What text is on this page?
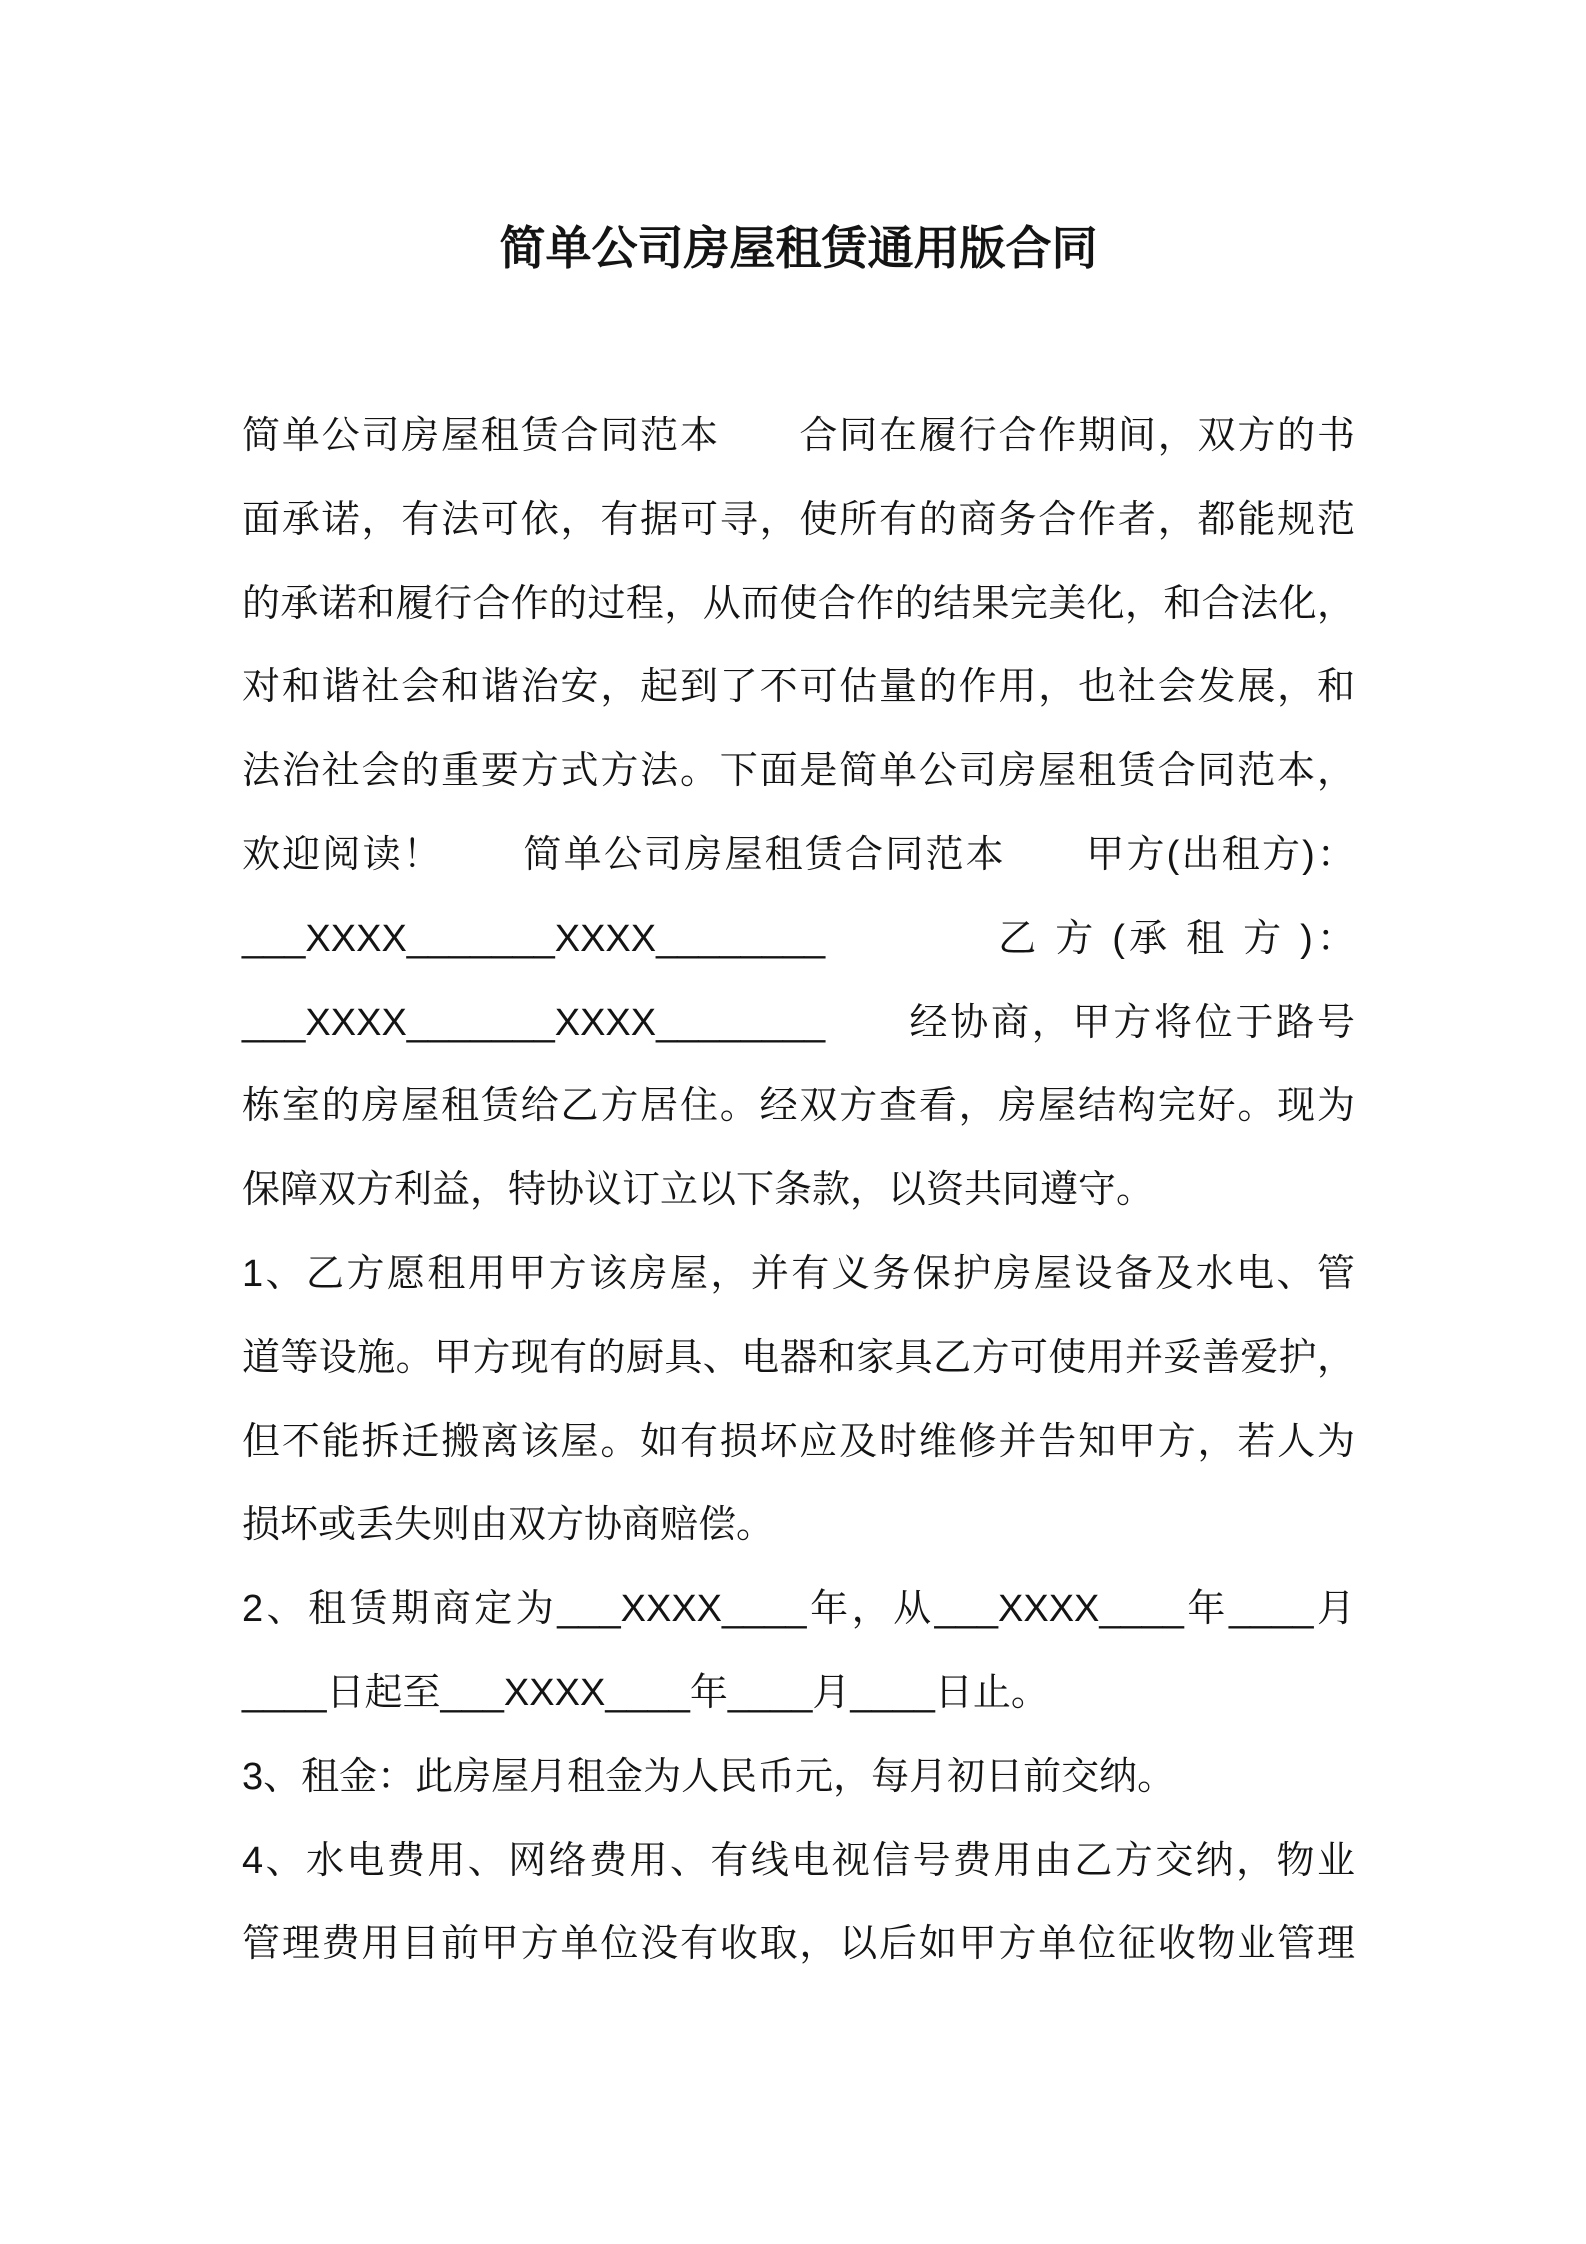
简单公司房屋租赁通用版合同
简单公司房屋租赁合同范本　　合同在履行合作期间，双方的书
面承诺，有法可依，有据可寻，使所有的商务合作者，都能规范
的承诺和履行合作的过程，从而使合作的结果完美化，和合法化，
对和谐社会和谐治安，起到了不可估量的作用，也社会发展，和
法治社会的重要方式方法。下面是简单公司房屋租赁合同范本，
欢迎阅读！　　简单公司房屋租赁合同范本　　甲方(出租方)：
___XXXX_______XXXX________　　　　乙 方 (承 租 方 )：
___XXXX_______XXXX________　　经协商，甲方将位于路号
栋室的房屋租赁给乙方居住。经双方查看，房屋结构完好。现为
保障双方利益，特协议订立以下条款，以资共同遵守。
1、乙方愿租用甲方该房屋，并有义务保护房屋设备及水电、管
道等设施。甲方现有的厨具、电器和家具乙方可使用并妥善爱护，
但不能拆迁搬离该屋。如有损坏应及时维修并告知甲方，若人为
损坏或丢失则由双方协商赔偿。
2、租赁期商定为___XXXX____年，从___XXXX____年____月
____日起至___XXXX____年____月____日止。
3、租金：此房屋月租金为人民币元，每月初日前交纳。
4、水电费用、网络费用、有线电视信号费用由乙方交纳，物业
管理费用目前甲方单位没有收取，以后如甲方单位征收物业管理
